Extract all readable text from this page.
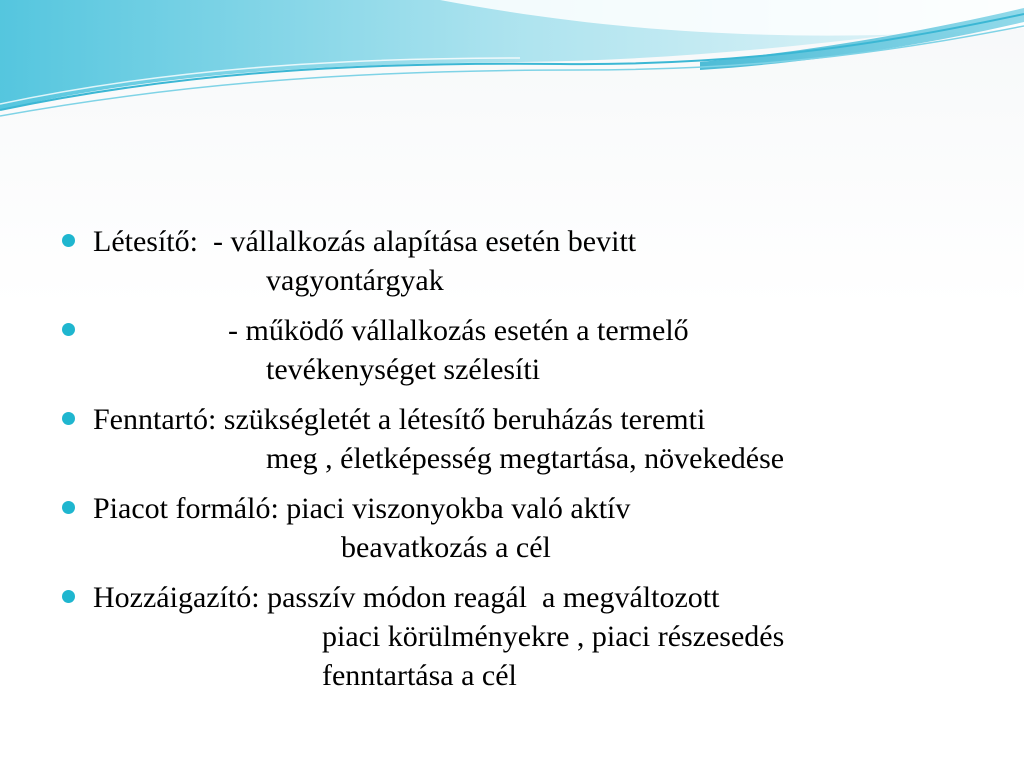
Létesítő:  - vállalkozás alapítása esetén bevitt
vagyontárgyak
- működő vállalkozás esetén a termelő
tevékenységet szélesíti
Fenntartó: szükségletét a létesítő beruházás teremti
meg , életképesség megtartása, növekedése
Piacot formáló: piaci viszonyokba való aktív
beavatkozás a cél
Hozzáigazító: passzív módon reagál  a megváltozott
piaci körülményekre , piaci részesedés
fenntartása a cél
